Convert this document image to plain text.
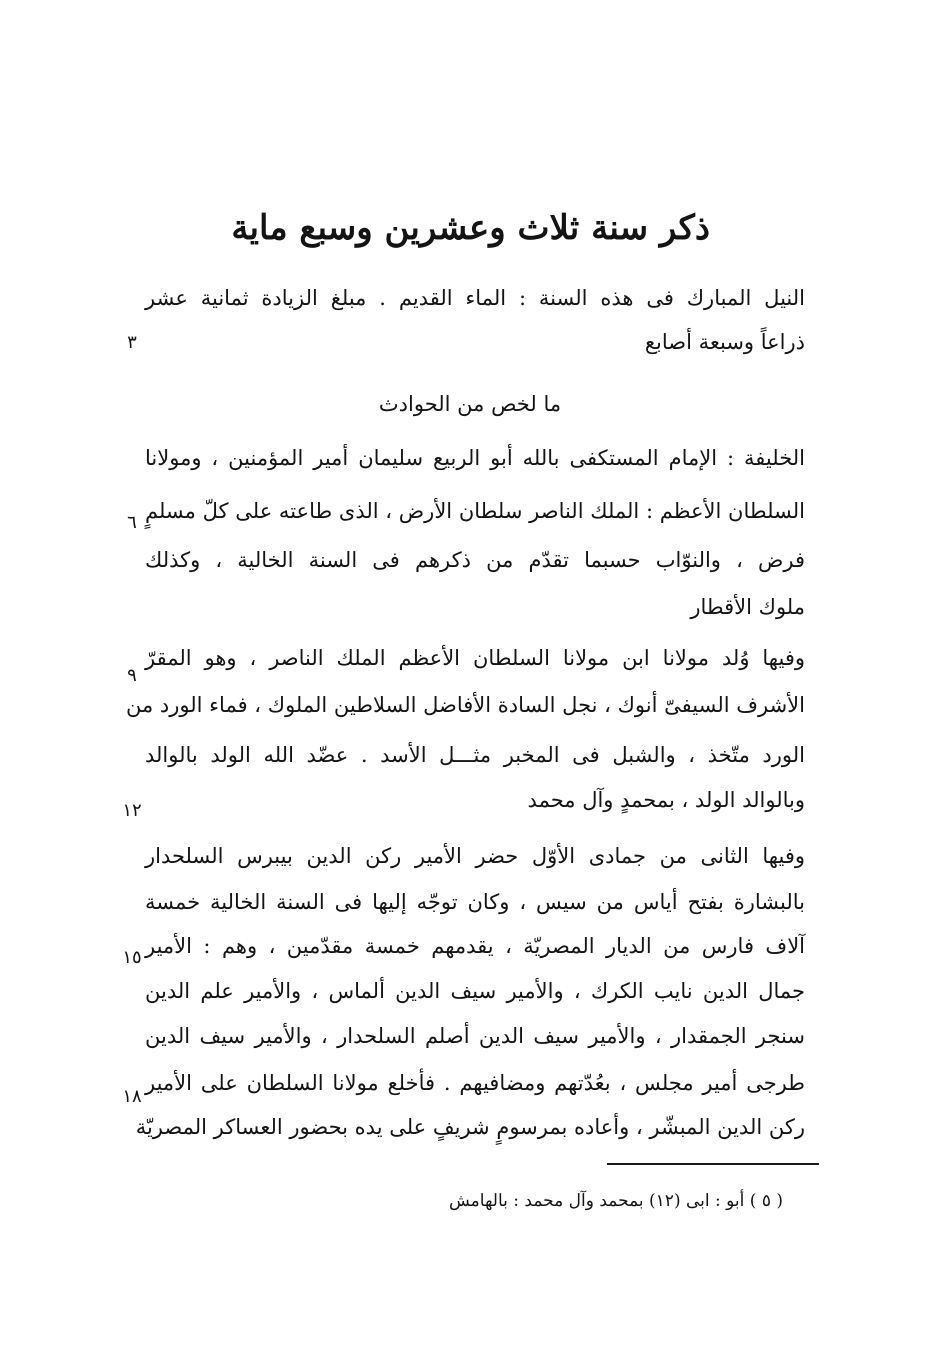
ذكر سنة ثلاث وعشرين وسبع ماية
النيل المبارك فى هذه السنة : الماء القديم . مبلغ الزيادة ثمانية عشر
ذراعاً وسبعة أصابع
ما لخص من الحوادث
الخليفة : الإمام المستكفى بالله أبو الربيع سليمان أمير المؤمنين ، ومولانا
السلطان الأعظم : الملك الناصر سلطان الأرض ، الذى طاعته على كلّ مسلمٍ
فرض ، والنوّاب حسبما تقدّم من ذكرهم فى السنة الخالية ، وكذلك
ملوك الأقطار
وفيها وُلد مولانا ابن مولانا السلطان الأعظم الملك الناصر ، وهو المقرّ
الأشرف السيفىّ أنوك ، نجل السادة الأفاضل السلاطين الملوك ، فماء الورد من
الورد متّخذ ، والشبل فى المخبر مثـــل الأسد . عضّد الله الولد بالوالد
وبالوالد الولد ، بمحمدٍ وآل محمد
وفيها الثانى من جمادى الأوّل حضر الأمير ركن الدين بيبرس السلحدار
بالبشارة بفتح أياس من سيس ، وكان توجّه إليها فى السنة الخالية خمسة
آلاف فارس من الديار المصريّة ، يقدمهم خمسة مقدّمين ، وهم : الأمير
جمال الدين نايب الكرك ، والأمير سيف الدين ألماس ، والأمير علم الدين
سنجر الجمقدار ، والأمير سيف الدين أصلم السلحدار ، والأمير سيف الدين
طرجى أمير مجلس ، بعُدّتهم ومضافيهم . فأخلع مولانا السلطان على الأمير
ركن الدين المبشّر ، وأعاده بمرسومٍ شريفٍ على يده بحضور العساكر المصريّة
٣
٦
٩
١٢
١٥
١٨
( ٥ ) أبو : ابى (١٢) بمحمد وآل محمد : بالهامش
